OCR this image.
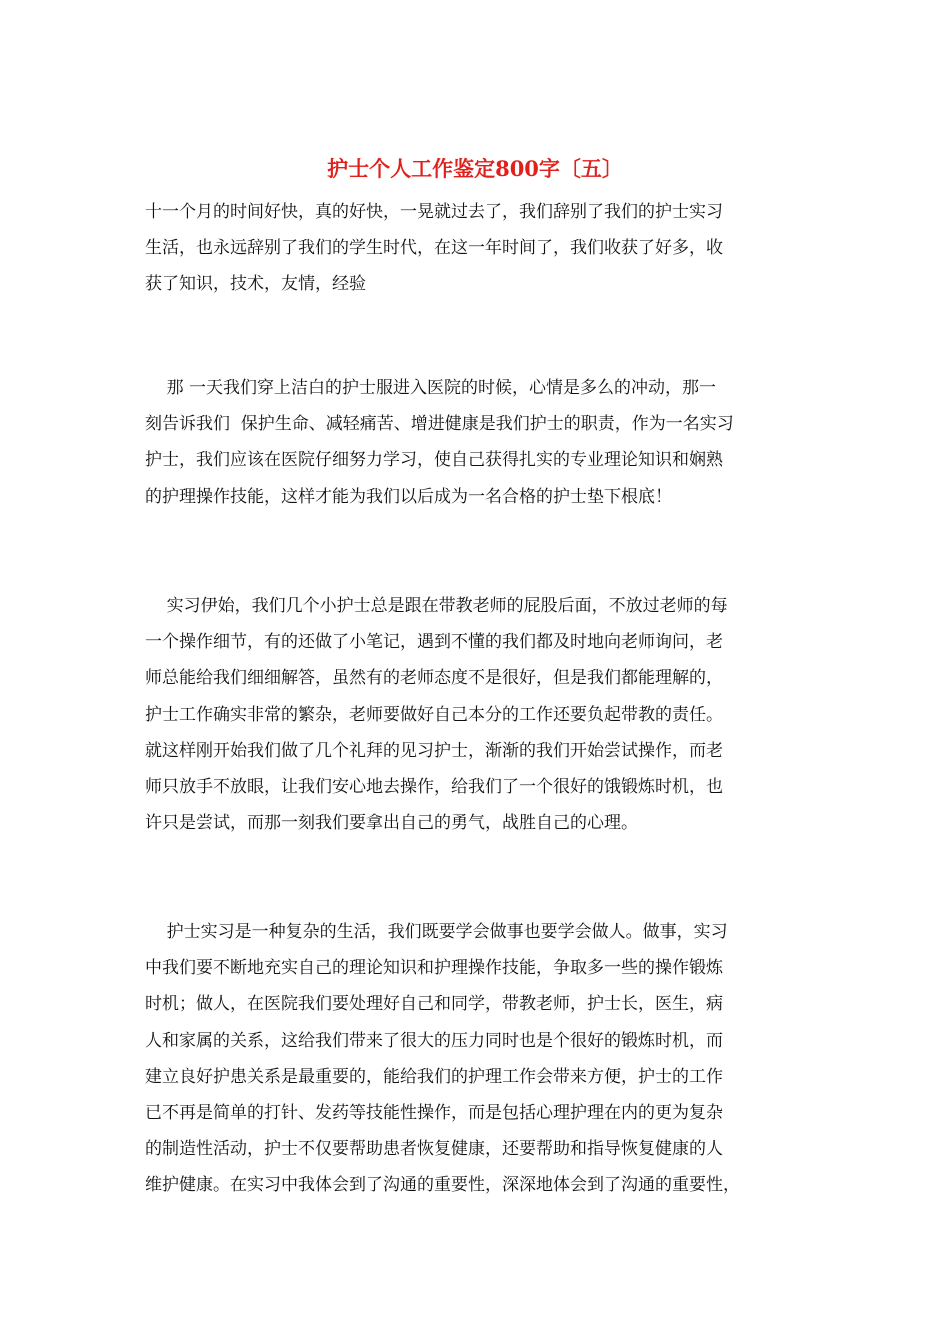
护士个人工作鉴定800字〔五〕
十一个月的时间好快，真的好快，一晃就过去了，我们辞别了我们的护士实习
生活，也永远辞别了我们的学生时代，在这一年时间了，我们收获了好多，收
获了知识，技术，友情，经验
那 一天我们穿上洁白的护士服进入医院的时候，心情是多么的冲动，那一
刻告诉我们  保护生命、减轻痛苦、增进健康是我们护士的职责，作为一名实习
护士，我们应该在医院仔细努力学习，使自己获得扎实的专业理论知识和娴熟
的护理操作技能，这样才能为我们以后成为一名合格的护士垫下根底！
实习伊始，我们几个小护士总是跟在带教老师的屁股后面，不放过老师的每
一个操作细节，有的还做了小笔记，遇到不懂的我们都及时地向老师询问，老
师总能给我们细细解答，虽然有的老师态度不是很好，但是我们都能理解的，
护士工作确实非常的繁杂，老师要做好自己本分的工作还要负起带教的责任。
就这样刚开始我们做了几个礼拜的见习护士，渐渐的我们开始尝试操作，而老
师只放手不放眼，让我们安心地去操作，给我们了一个很好的饿锻炼时机，也
许只是尝试，而那一刻我们要拿出自己的勇气，战胜自己的心理。
护士实习是一种复杂的生活，我们既要学会做事也要学会做人。做事，实习
中我们要不断地充实自己的理论知识和护理操作技能，争取多一些的操作锻炼
时机；做人，在医院我们要处理好自己和同学，带教老师，护士长，医生，病
人和家属的关系，这给我们带来了很大的压力同时也是个很好的锻炼时机，而
建立良好护患关系是最重要的，能给我们的护理工作会带来方便，护士的工作
已不再是简单的打针、发药等技能性操作，而是包括心理护理在内的更为复杂
的制造性活动，护士不仅要帮助患者恢复健康，还要帮助和指导恢复健康的人
维护健康。在实习中我体会到了沟通的重要性，深深地体会到了沟通的重要性，
